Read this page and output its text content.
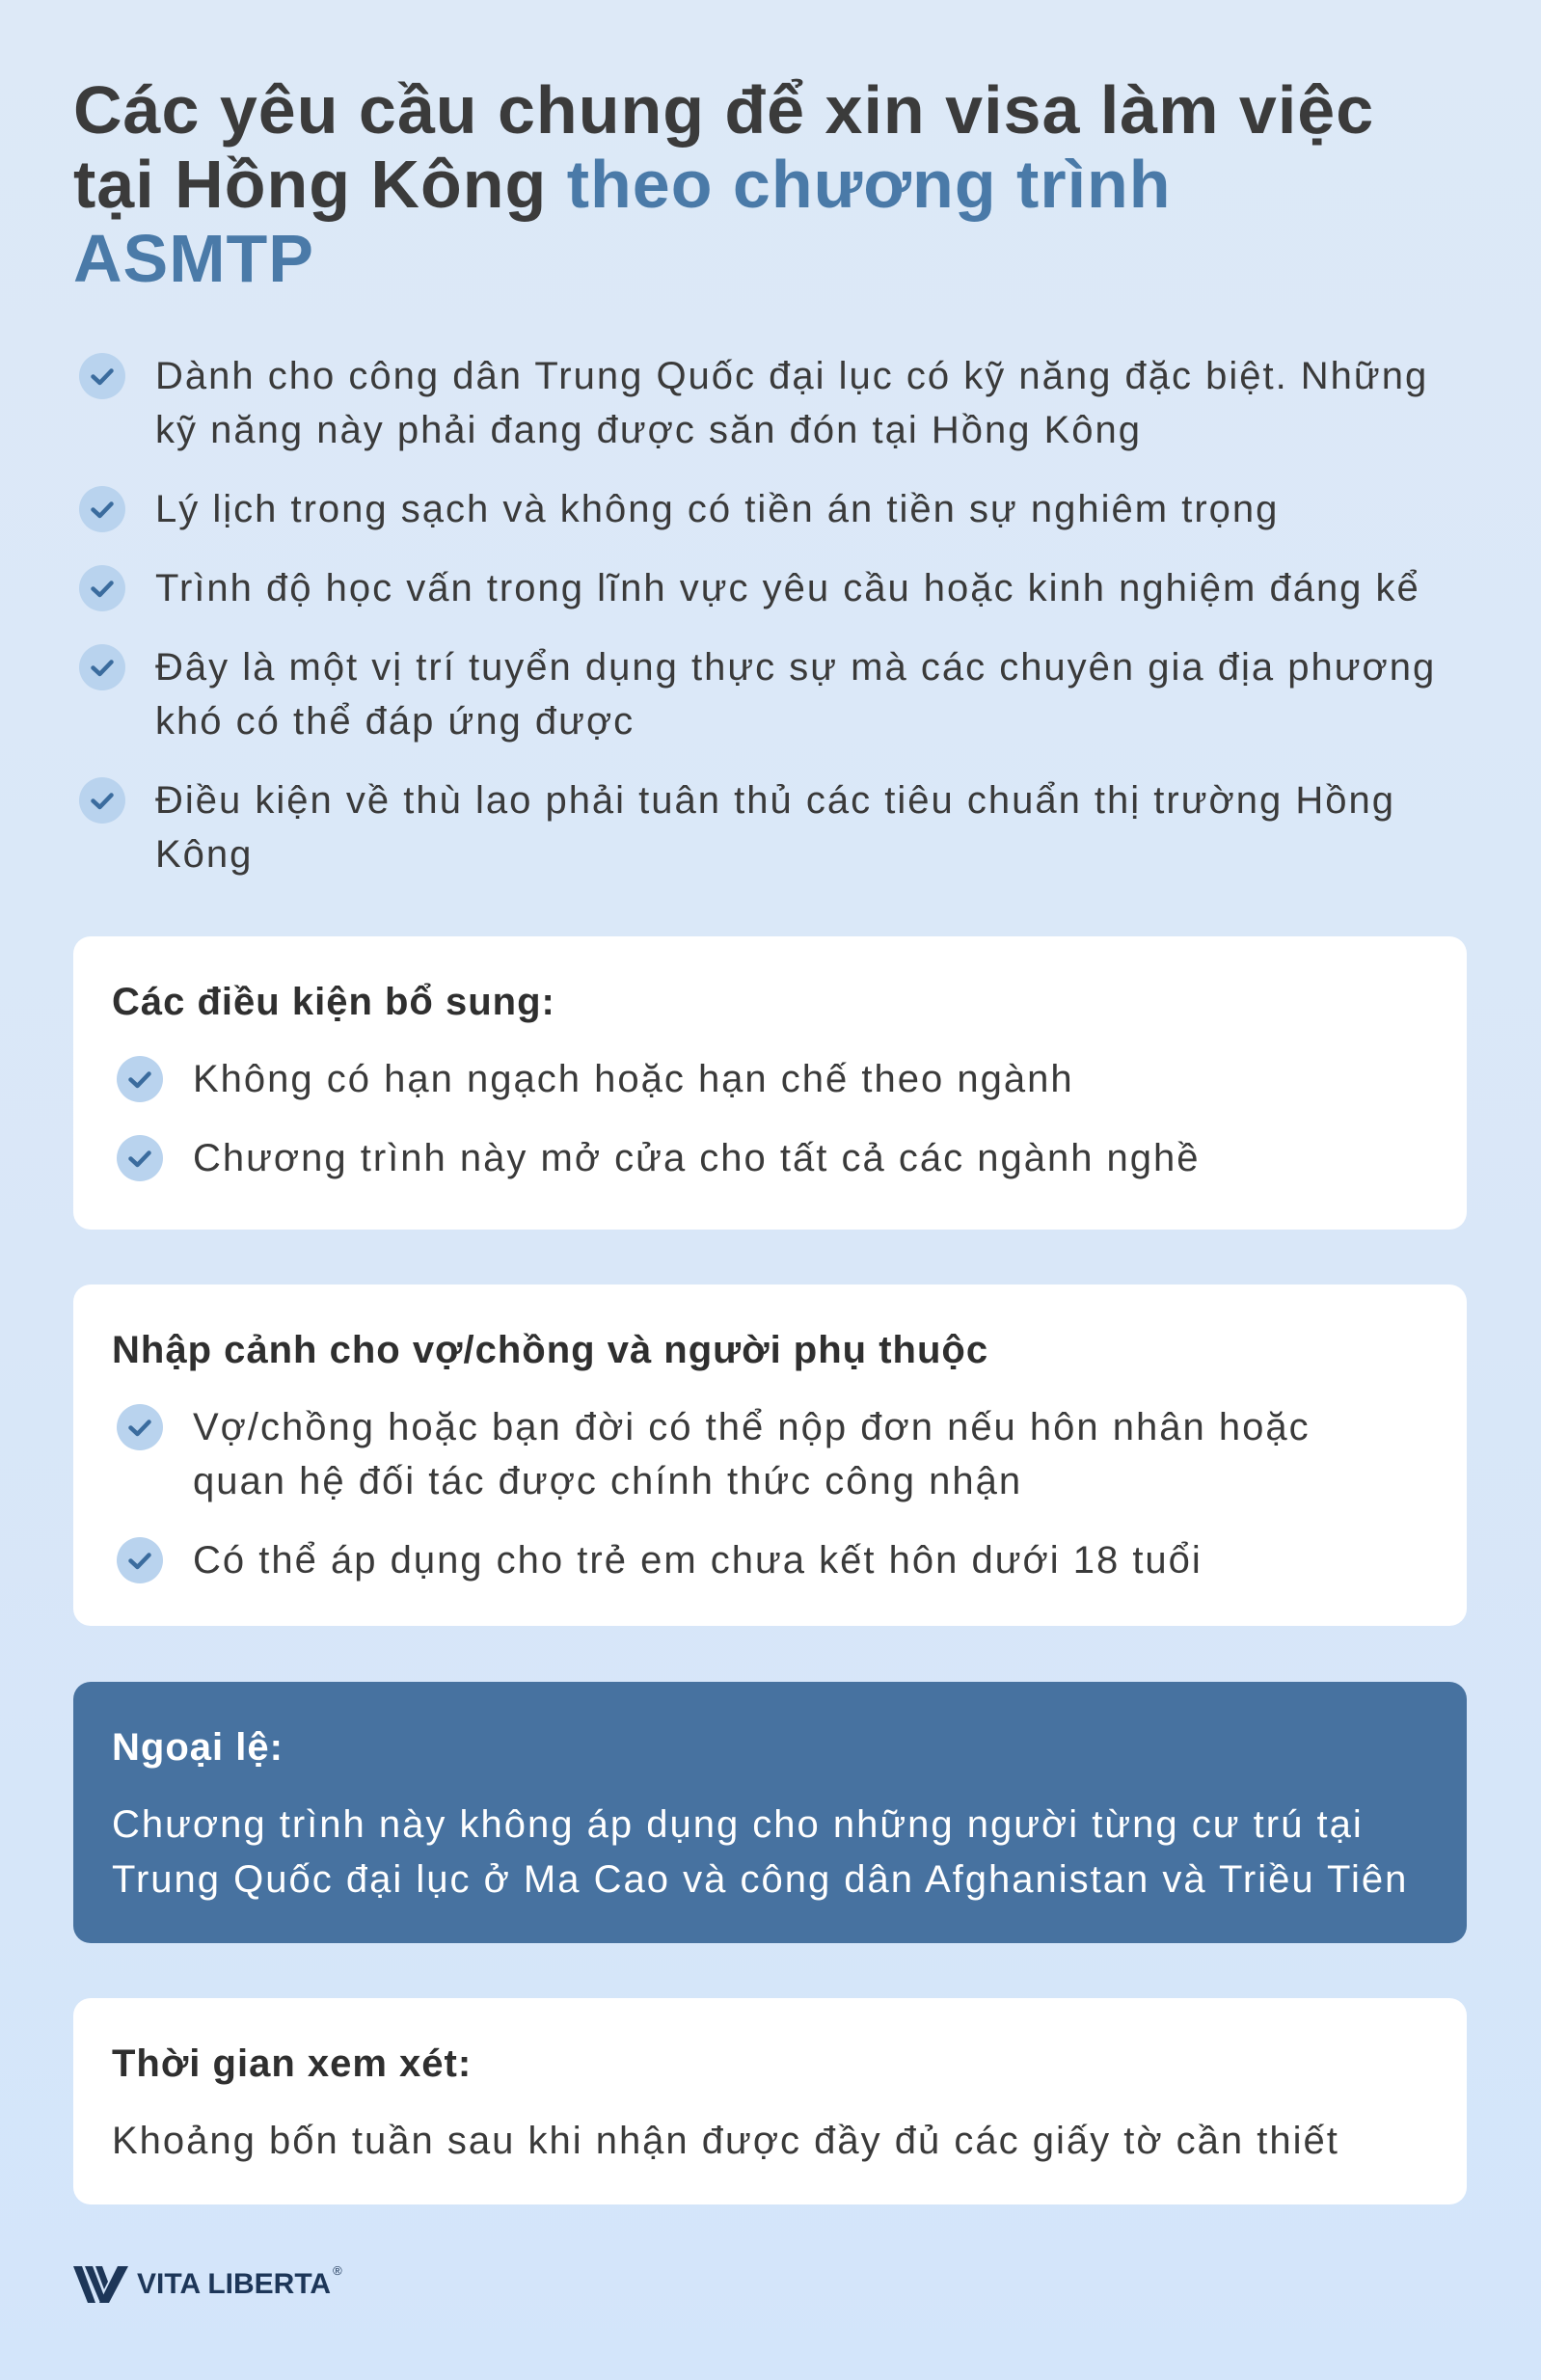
Các yêu cầu chung để xin visa làm việc
tại Hồng Kông theo chương trình
ASMTP
Dành cho công dân Trung Quốc đại lục có kỹ năng đặc biệt. Những kỹ năng này phải đang được săn đón tại Hồng Kông
Lý lịch trong sạch và không có tiền án tiền sự nghiêm trọng
Trình độ học vấn trong lĩnh vực yêu cầu hoặc kinh nghiệm đáng kể
Đây là một vị trí tuyển dụng thực sự mà các chuyên gia địa phương khó có thể đáp ứng được
Điều kiện về thù lao phải tuân thủ các tiêu chuẩn thị trường Hồng Kông
Các điều kiện bổ sung:
Không có hạn ngạch hoặc hạn chế theo ngành
Chương trình này mở cửa cho tất cả các ngành nghề
Nhập cảnh cho vợ/chồng và người phụ thuộc
Vợ/chồng hoặc bạn đời có thể nộp đơn nếu hôn nhân hoặc quan hệ đối tác được chính thức công nhận
Có thể áp dụng cho trẻ em chưa kết hôn dưới 18 tuổi
Ngoại lệ:

Chương trình này không áp dụng cho những người từng cư trú tại Trung Quốc đại lục ở Ma Cao và công dân Afghanistan và Triều Tiên

Thời gian xem xét:

Khoảng bốn tuần sau khi nhận được đầy đủ các giấy tờ cần thiết

VITA LIBERTA ®
